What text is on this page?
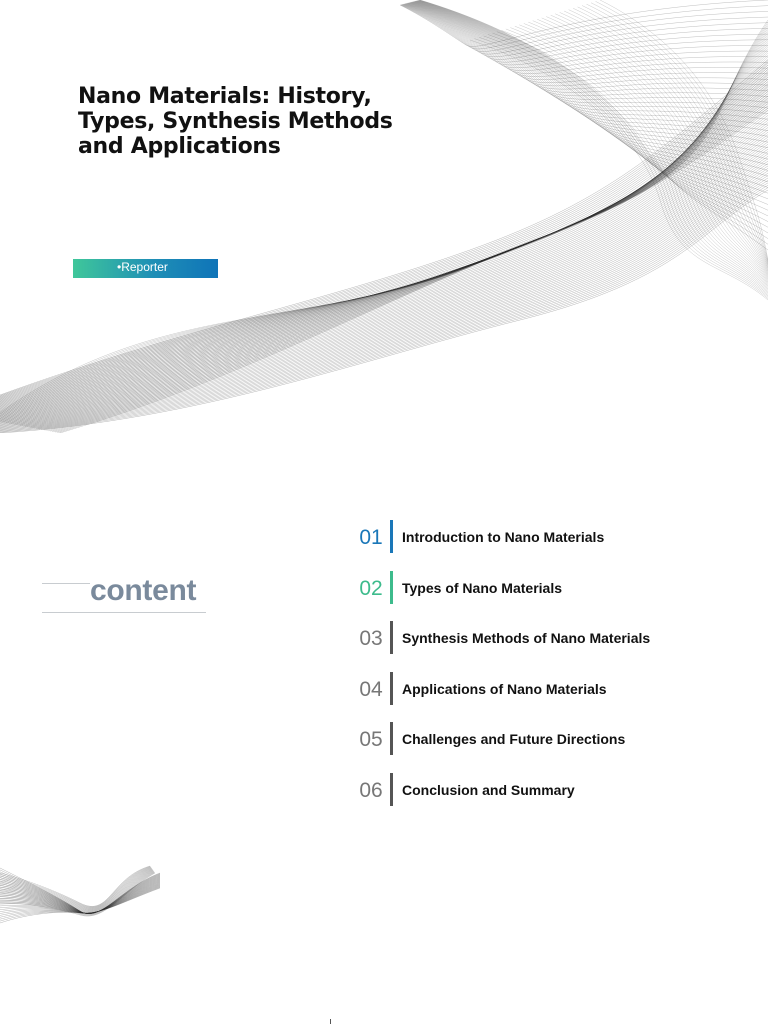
Nano Materials: History,
Types, Synthesis Methods
and Applications
•Reporter
content
01 Introduction to Nano Materials
02 Types of Nano Materials
03 Synthesis Methods of Nano Materials
04 Applications of Nano Materials
05 Challenges and Future Directions
06 Conclusion and Summary
